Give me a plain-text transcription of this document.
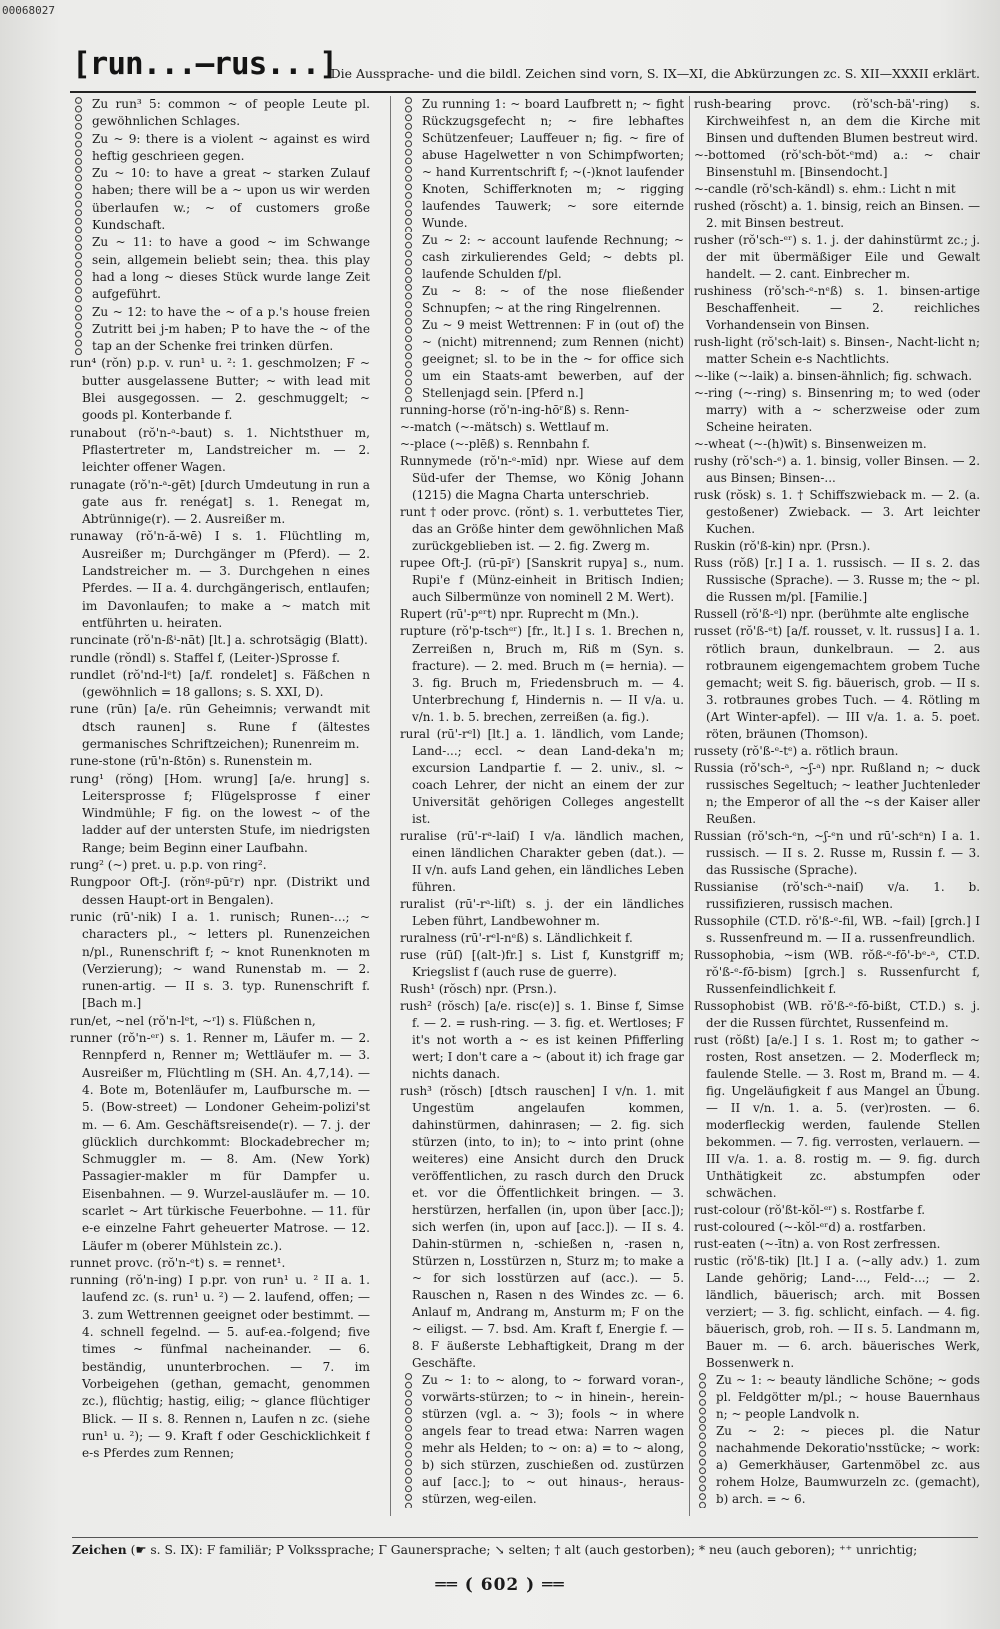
00068027
[run...—rus...]
Die Aussprache- und die bildl. Zeichen sind vorn, S. IX—XI, die Abkürzungen zc. S. XII—XXXII erklärt.

Zu run³ 5: common ~ of people Leute pl. gewöhnlichen Schlages.

Zu ~ 9: there is a violent ~ against es wird heftig geschrieen gegen.

Zu ~ 10: to have a great ~ starken Zulauf haben; there will be a ~ upon us wir werden überlaufen w.; ~ of customers große Kundschaft.

Zu ~ 11: to have a good ~ im Schwange sein, allgemein beliebt sein; thea. this play had a long ~ dieses Stück wurde lange Zeit aufgeführt.

Zu ~ 12: to have the ~ of a p.'s house freien Zutritt bei j-m haben; P to have the ~ of the tap an der Schenke frei trinken dürfen.

run⁴ (rŏn) p.p. v. run¹ u. ²: 1. geschmolzen; F ~ butter ausgelassene Butter; ~ with lead mit Blei ausgegossen. — 2. geschmuggelt; ~ goods pl. Konterbande f.

runabout (rŏ'n-ᵃ-baut) s. 1. Nichtsthuer m, Pflastertreter m, Landstreicher m. — 2. leichter offener Wagen.

runagate (rŏ'n-ᵃ-gēt) [durch Umdeutung in run a gate aus fr. renégat] s. 1. Renegat m, Abtrünnige(r). — 2. Ausreißer m.

runaway (rŏ'n-ă-wē) I s. 1. Flüchtling m, Ausreißer m; Durchgänger m (Pferd). — 2. Landstreicher m. — 3. Durchgehen n eines Pferdes. — II a. 4. durchgängerisch, entlaufen; im Davonlaufen; to make a ~ match mit entführten u. heiraten.

runcinate (rŏ'n-ßⁱ-nāt) [lt.] a. schrotsägig (Blatt).

rundle (rŏndl) s. Staffel f, (Leiter-)Sprosse f.

rundlet (rŏ'nd-lᵉt) [a/f. rondelet] s. Fäßchen n (gewöhnlich = 18 gallons; s. S. XXI, D).

rune (rūn) [a/e. rūn Geheimnis; verwandt mit dtsch raunen] s. Rune f (ältestes germanisches Schriftzeichen); Runenreim m.

rune-stone (rū'n-ßtōn) s. Runenstein m.

rung¹ (rŏng) [Hom. wrung] [a/e. hrung] s. Leitersprosse f; Flügelsprosse f einer Windmühle; F fig. on the lowest ~ of the ladder auf der untersten Stufe, im niedrigsten Range; beim Beginn einer Laufbahn.

rung² (~) pret. u. p.p. von ring².

Rungpoor Oft-J. (rŏnᵍ-pūʳr) npr. (Distrikt und dessen Haupt-ort in Bengalen).

runic (rū'-nik) I a. 1. runisch; Runen-...; ~ characters pl., ~ letters pl. Runenzeichen n/pl., Runenschrift f; ~ knot Runenknoten m (Verzierung); ~ wand Runenstab m. — 2. runen-artig. — II s. 3. typ. Runenschrift f. [Bach m.]

run/et, ~nel (rŏ'n-lᵉt, ~ʳl) s. Flüßchen n,

runner (rŏ'n-ᵉʳ) s. 1. Renner m, Läufer m. — 2. Rennpferd n, Renner m; Wettläufer m. — 3. Ausreißer m, Flüchtling m (SH. An. 4,7,14). — 4. Bote m, Botenläufer m, Laufbursche m. — 5. (Bow-street) — Londoner Geheim-polizi'st m. — 6. Am. Geschäftsreisende(r). — 7. j. der glücklich durchkommt: Blockadebrecher m; Schmuggler m. — 8. Am. (New York) Passagier-makler m für Dampfer u. Eisenbahnen. — 9. Wurzel-ausläufer m. — 10. scarlet ~ Art türkische Feuerbohne. — 11. für e-e einzelne Fahrt geheuerter Matrose. — 12. Läufer m (oberer Mühlstein zc.).

runnet provc. (rŏ'n-ᵉt) s. = rennet¹.

running (rŏ'n-ing) I p.pr. von run¹ u. ² II a. 1. laufend zc. (s. run¹ u. ²) — 2. laufend, offen; — 3. zum Wettrennen geeignet oder bestimmt. — 4. schnell fegelnd. — 5. auf-ea.-folgend; five times ~ fünfmal nacheinander. — 6. beständig, ununterbrochen. — 7. im Vorbeigehen (gethan, gemacht, genommen zc.), flüchtig; hastig, eilig; ~ glance flüchtiger Blick. — II s. 8. Rennen n, Laufen n zc. (siehe run¹ u. ²); — 9. Kraft f oder Geschicklichkeit f e-s Pferdes zum Rennen;

Zu running 1: ~ board Laufbrett n; ~ fight Rückzugsgefecht n; ~ fire lebhaftes Schützenfeuer; Lauffeuer n; fig. ~ fire of abuse Hagelwetter n von Schimpfworten; ~ hand Kurrentschrift f; ~(-)knot laufender Knoten, Schifferknoten m; ~ rigging laufendes Tauwerk; ~ sore eiternde Wunde.

Zu ~ 2: ~ account laufende Rechnung; ~ cash zirkulierendes Geld; ~ debts pl. laufende Schulden f/pl.

Zu ~ 8: ~ of the nose fließender Schnupfen; ~ at the ring Ringelrennen.

Zu ~ 9 meist Wettrennen: F in (out of) the ~ (nicht) mitrennend; zum Rennen (nicht) geeignet; sl. to be in the ~ for office sich um ein Staats-amt bewerben, auf der Stellenjagd sein. [Pferd n.]

running-horse (rŏ'n-ing-hōʳß) s. Renn-

~-match (~-mätsch) s. Wettlauf m.

~-place (~-plēß) s. Rennbahn f.

Runnymede (rŏ'n-ᵉ-mīd) npr. Wiese auf dem Süd-ufer der Themse, wo König Johann (1215) die Magna Charta unterschrieb.

runt † oder provc. (rŏnt) s. 1. verbuttetes Tier, das an Größe hinter dem gewöhnlichen Maß zurückgeblieben ist. — 2. fig. Zwerg m.

rupee Oft-J. (rū-pīʳ) [Sanskrit rupya] s., num. Rupi'e f (Münz-einheit in Britisch Indien; auch Silbermünze von nominell 2 M. Wert).

Rupert (rū'-pᵉʳt) npr. Ruprecht m (Mn.).

rupture (rŏ'p-tschᵉʳ) [fr., lt.] I s. 1. Brechen n, Zerreißen n, Bruch m, Riß m (Syn. s. fracture). — 2. med. Bruch m (= hernia). — 3. fig. Bruch m, Friedensbruch m. — 4. Unterbrechung f, Hindernis n. — II v/a. u. v/n. 1. b. 5. brechen, zerreißen (a. fig.).

rural (rū'-rᵉl) [lt.] a. 1. ländlich, vom Lande; Land-...; eccl. ~ dean Land-deka'n m; excursion Landpartie f. — 2. univ., sl. ~ coach Lehrer, der nicht an einem der zur Universität gehörigen Colleges angestellt ist.

ruralise (rū'-rᵃ-laiſ) I v/a. ländlich machen, einen ländlichen Charakter geben (dat.). — II v/n. aufs Land gehen, ein ländliches Leben führen.

ruralist (rū'-rᵃ-liſt) s. j. der ein ländliches Leben führt, Landbewohner m.

ruralness (rū'-rᵉl-nᵉß) s. Ländlichkeit f.

ruse (rūſ) [(alt-)fr.] s. List f, Kunstgriff m; Kriegslist f (auch ruse de guerre).

Rush¹ (rŏsch) npr. (Prsn.).

rush² (rŏsch) [a/e. risc(e)] s. 1. Binse f, Simse f. — 2. = rush-ring. — 3. fig. et. Wertloses; F it's not worth a ~ es ist keinen Pfifferling wert; I don't care a ~ (about it) ich frage gar nichts danach.

rush³ (rŏsch) [dtsch rauschen] I v/n. 1. mit Ungestüm angelaufen kommen, dahinstürmen, dahinrasen; — 2. fig. sich stürzen (into, to in); to ~ into print (ohne weiteres) eine Ansicht durch den Druck veröffentlichen, zu rasch durch den Druck et. vor die Öffentlichkeit bringen. — 3. herstürzen, herfallen (in, upon über [acc.]); sich werfen (in, upon auf [acc.]). — II s. 4. Dahin-stürmen n, -schießen n, -rasen n, Stürzen n, Losstürzen n, Sturz m; to make a ~ for sich losstürzen auf (acc.). — 5. Rauschen n, Rasen n des Windes zc. — 6. Anlauf m, Andrang m, Ansturm m; F on the ~ eiligst. — 7. bsd. Am. Kraft f, Energie f. — 8. F äußerste Lebhaftigkeit, Drang m der Geschäfte.

Zu ~ 1: to ~ along, to ~ forward voran-, vorwärts-stürzen; to ~ in hinein-, herein-stürzen (vgl. a. ~ 3); fools ~ in where angels fear to tread etwa: Narren wagen mehr als Helden; to ~ on: a) = to ~ along, b) sich stürzen, zuschießen od. zustürzen auf [acc.]; to ~ out hinaus-, heraus-stürzen, weg-eilen.

rush-bearing provc. (rŏ'sch-bä'-ring) s. Kirchweihfest n, an dem die Kirche mit Binsen und duftenden Blumen bestreut wird.

~-bottomed (rŏ'sch-bŏt-ᵉmd) a.: ~ chair Binsenstuhl m. [Binsendocht.]

~-candle (rŏ'sch-kändl) s. ehm.: Licht n mit

rushed (rŏscht) a. 1. binsig, reich an Binsen. — 2. mit Binsen bestreut.

rusher (rŏ'sch-ᵉʳ) s. 1. j. der dahinstürmt zc.; j. der mit übermäßiger Eile und Gewalt handelt. — 2. cant. Einbrecher m.

rushiness (rŏ'sch-ᵉ-nᵉß) s. 1. binsen-artige Beschaffenheit. — 2. reichliches Vorhandensein von Binsen.

rush-light (rŏ'sch-lait) s. Binsen-, Nacht-licht n; matter Schein e-s Nachtlichts.

~-like (~-laik) a. binsen-ähnlich; fig. schwach.

~-ring (~-ring) s. Binsenring m; to wed (oder marry) with a ~ scherzweise oder zum Scheine heiraten.

~-wheat (~-(h)wīt) s. Binsenweizen m.

rushy (rŏ'sch-ᵉ) a. 1. binsig, voller Binsen. — 2. aus Binsen; Binsen-...

rusk (rŏsk) s. 1. † Schiffszwieback m. — 2. (a. gestoßener) Zwieback. — 3. Art leichter Kuchen.

Ruskin (rŏ'ß-kin) npr. (Prsn.).

Russ (rŏß) [r.] I a. 1. russisch. — II s. 2. das Russische (Sprache). — 3. Russe m; the ~ pl. die Russen m/pl. [Familie.]

Russell (rŏ'ß-ᵉl) npr. (berühmte alte englische

russet (rŏ'ß-ᵉt) [a/f. rousset, v. lt. russus] I a. 1. rötlich braun, dunkelbraun. — 2. aus rotbraunem eigengemachtem grobem Tuche gemacht; weit S. fig. bäuerisch, grob. — II s. 3. rotbraunes grobes Tuch. — 4. Rötling m (Art Winter-apfel). — III v/a. 1. a. 5. poet. röten, bräunen (Thomson).

russety (rŏ'ß-ᵉ-tᵉ) a. rötlich braun.

Russia (rŏ'sch-ᵃ, ~ʃ-ᵃ) npr. Rußland n; ~ duck russisches Segeltuch; ~ leather Juchtenleder n; the Emperor of all the ~s der Kaiser aller Reußen.

Russian (rŏ'sch-ᵉn, ~ʃ-ᵉn und rū'-schᵉn) I a. 1. russisch. — II s. 2. Russe m, Russin f. — 3. das Russische (Sprache).

Russianise (rŏ'sch-ᵃ-naiſ) v/a. 1. b. russifizieren, russisch machen.

Russophile (CT.D. rŏ'ß-ᵉ-fil, WB. ~fail) [grch.] I s. Russenfreund m. — II a. russenfreundlich.

Russophobia, ~ism (WB. rŏß-ᵉ-fō'-bᵉ-ᵃ, CT.D. rŏ'ß-ᵉ-fō-bism) [grch.] s. Russenfurcht f, Russenfeindlichkeit f.

Russophobist (WB. rŏ'ß-ᵉ-fō-bißt, CT.D.) s. j. der die Russen fürchtet, Russenfeind m.

rust (rŏßt) [a/e.] I s. 1. Rost m; to gather ~ rosten, Rost ansetzen. — 2. Moderfleck m; faulende Stelle. — 3. Rost m, Brand m. — 4. fig. Ungeläufigkeit f aus Mangel an Übung. — II v/n. 1. a. 5. (ver)rosten. — 6. moderfleckig werden, faulende Stellen bekommen. — 7. fig. verrosten, verlauern. — III v/a. 1. a. 8. rostig m. — 9. fig. durch Unthätigkeit zc. abstumpfen oder schwächen.

rust-colour (rŏ'ßt-kŏl-ᵉʳ) s. Rostfarbe f.

rust-coloured (~-kŏl-ᵉʳd) a. rostfarben.

rust-eaten (~-ītn) a. von Rost zerfressen.

rustic (rŏ'ß-tik) [lt.] I a. (~ally adv.) 1. zum Lande gehörig; Land-..., Feld-...; — 2. ländlich, bäuerisch; arch. mit Bossen verziert; — 3. fig. schlicht, einfach. — 4. fig. bäuerisch, grob, roh. — II s. 5. Landmann m, Bauer m. — 6. arch. bäuerisches Werk, Bossenwerk n.

Zu ~ 1: ~ beauty ländliche Schöne; ~ gods pl. Feldgötter m/pl.; ~ house Bauernhaus n; ~ people Landvolk n.

Zu ~ 2: ~ pieces pl. die Natur nachahmende Dekoratio'nsstücke; ~ work: a) Gemerkhäuser, Gartenmöbel zc. aus rohem Holze, Baumwurzeln zc. (gemacht), b) arch. = ~ 6.

Zeichen (☛ s. S. IX): F familiär; P Volkssprache; Γ Gaunersprache; ↘ selten; † alt (auch gestorben); * neu (auch geboren); ⁺⁺ unrichtig;
══ ( 602 ) ══
